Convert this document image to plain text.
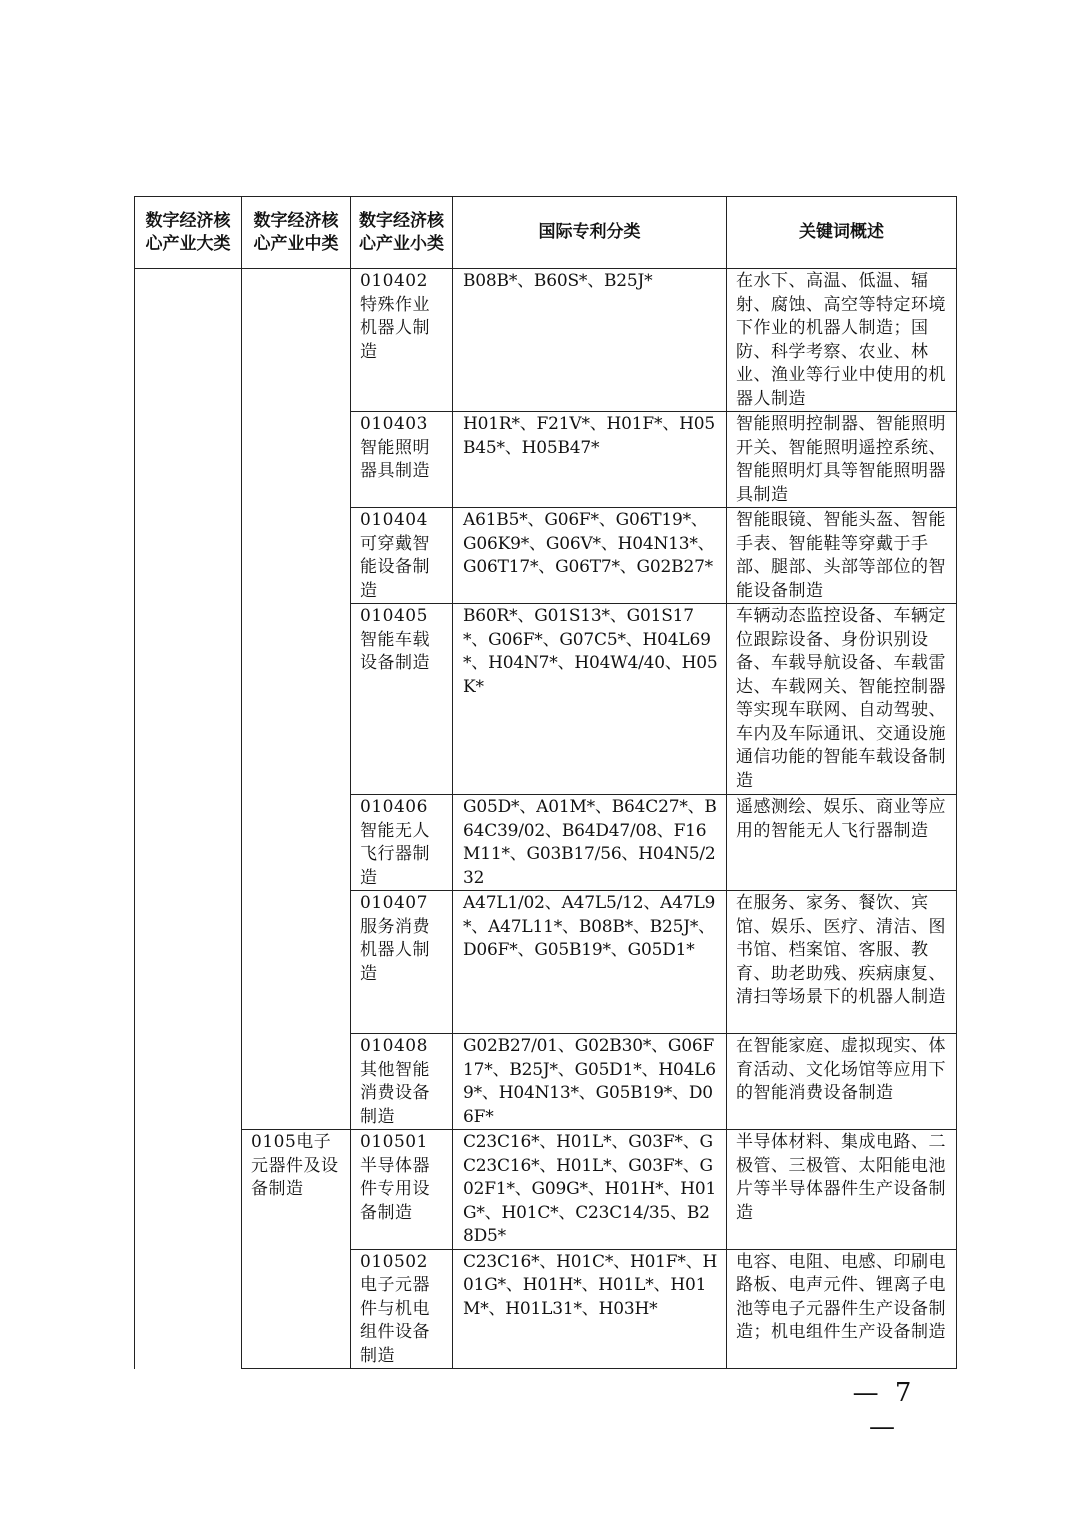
数字经济核心产业大类	数字经济核心产业中类	数字经济核心产业小类	国际专利分类	关键词概述
		010402特殊作业机器人制造	B08B*、B60S*、B25J*	在水下、高温、低温、辐射、腐蚀、高空等特定环境下作业的机器人制造；国防、科学考察、农业、林业、渔业等行业中使用的机器人制造
		010403智能照明器具制造	H01R*、F21V*、H01F*、H05B45*、H05B47*	智能照明控制器、智能照明开关、智能照明遥控系统、智能照明灯具等智能照明器具制造
		010404可穿戴智能设备制造	A61B5*、G06F*、G06T19*、G06K9*、G06V*、H04N13*、G06T17*、G06T7*、G02B27*	智能眼镜、智能头盔、智能手表、智能鞋等穿戴于手部、腿部、头部等部位的智能设备制造
		010405智能车载设备制造	B60R*、G01S13*、G01S17*、G06F*、G07C5*、H04L69*、H04N7*、H04W4/40、H05K*	车辆动态监控设备、车辆定位跟踪设备、身份识别设备、车载导航设备、车载雷达、车载网关、智能控制器等实现车联网、自动驾驶、车内及车际通讯、交通设施通信功能的智能车载设备制造
		010406智能无人飞行器制造	G05D*、A01M*、B64C27*、B64C39/02、B64D47/08、F16M11*、G03B17/56、H04N5/232	遥感测绘、娱乐、商业等应用的智能无人飞行器制造
		010407服务消费机器人制造	A47L1/02、A47L5/12、A47L9*、A47L11*、B08B*、B25J*、D06F*、G05B19*、G05D1*	在服务、家务、餐饮、宾馆、娱乐、医疗、清洁、图书馆、档案馆、客服、教育、助老助残、疾病康复、清扫等场景下的机器人制造
		010408其他智能消费设备制造	G02B27/01、G02B30*、G06F17*、B25J*、G05D1*、H04L69*、H04N13*、G05B19*、D06F*	在智能家庭、虚拟现实、体育活动、文化场馆等应用下的智能消费设备制造
	0105电子元器件及设备制造	010501半导体器件专用设备制造	C23C16*、H01L*、G03F*、GC23C16*、H01L*、G03F*、G02F1*、G09G*、H01H*、H01G*、H01C*、C23C14/35、B28D5*	半导体材料、集成电路、二极管、三极管、太阳能电池片等半导体器件生产设备制造
		010502电子元器件与机电组件设备制造	C23C16*、H01C*、H01F*、H01G*、H01H*、H01L*、H01M*、H01L31*、H03H*	电容、电阻、电感、印刷电路板、电声元件、锂离子电池等电子元器件生产设备制造；机电组件生产设备制造
— 7 —
